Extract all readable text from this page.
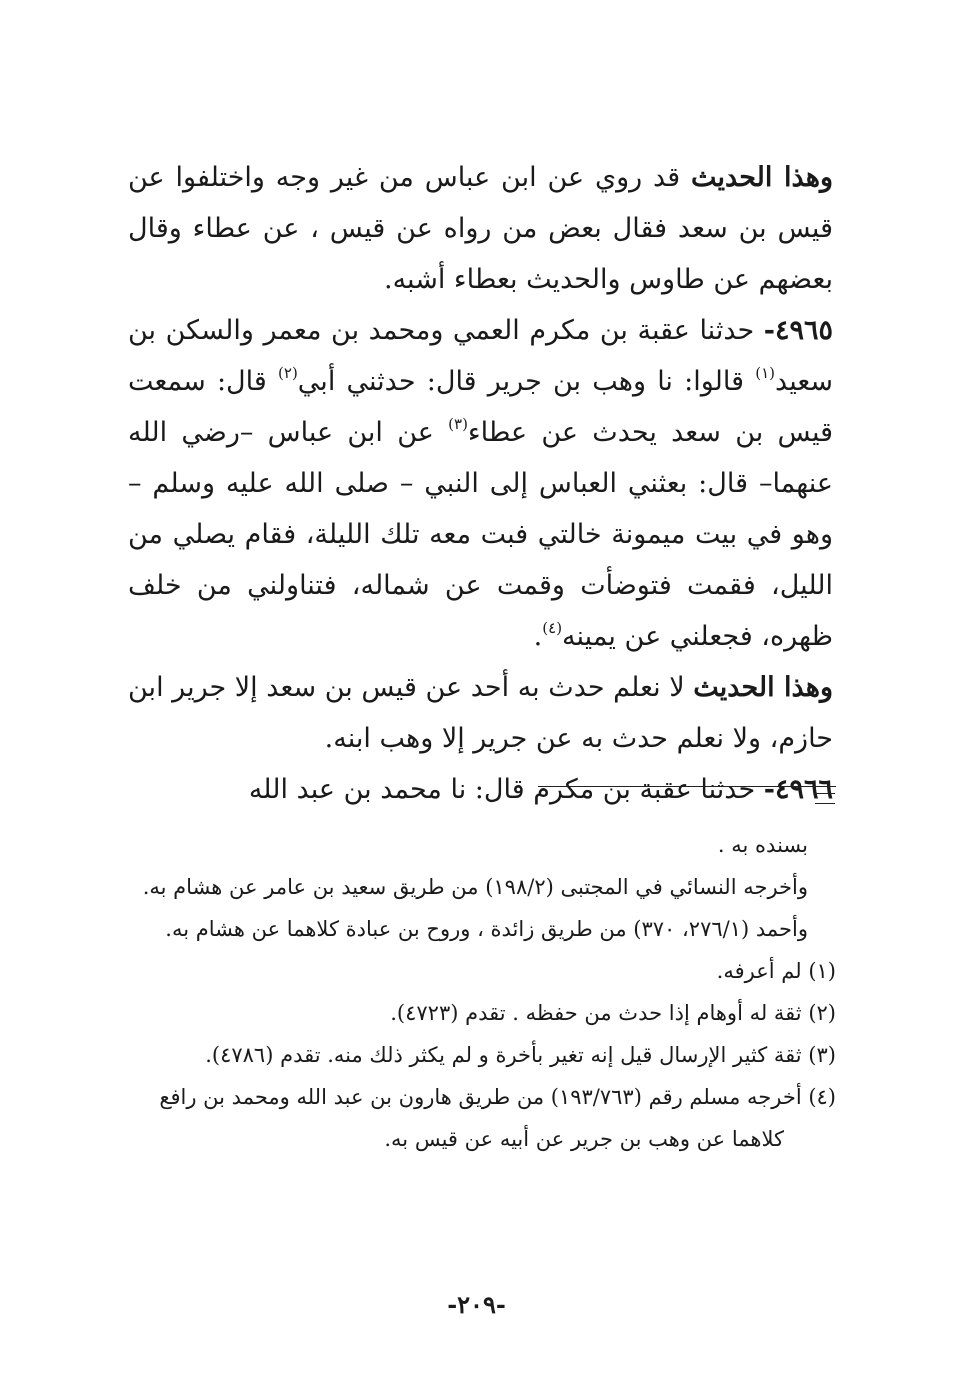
وهذا الحديث قد روي عن ابن عباس من غير وجه واختلفوا عن قيس بن سعد فقال بعض من رواه عن قيس ، عن عطاء وقال بعضهم عن طاوس والحديث بعطاء أشبه.

٤٩٦٥- حدثنا عقبة بن مكرم العمي ومحمد بن معمر والسكن بن سعيد$^{(١)}$ قالوا: نا وهب بن جرير قال: حدثني أبي$^{(٢)}$ قال: سمعت قيس بن سعد يحدث عن عطاء$^{(٣)}$ عن ابن عباس –رضي الله عنهما– قال: بعثني العباس إلى النبي – صلى الله عليه وسلم – وهو في بيت ميمونة خالتي فبت معه تلك الليلة، فقام يصلي من الليل، فقمت فتوضأت وقمت عن شماله، فتناولني من خلف ظهره، فجعلني عن يمينه$^{(٤)}$.

وهذا الحديث لا نعلم حدث به أحد عن قيس بن سعد إلا جرير ابن حازم، ولا نعلم حدث به عن جرير إلا وهب ابنه.

٤٩٦٦- حدثنا عقبة بن مكرم قال: نا محمد بن عبد الله

بسنده به .

وأخرجه النسائي في المجتبى (١٩٨/٢) من طريق سعيد بن عامر عن هشام به.

وأحمد (٢٧٦/١، ٣٧٠) من طريق زائدة ، وروح بن عبادة كلاهما عن هشام به.

(١) لم أعرفه.

(٢) ثقة له أوهام إذا حدث من حفظه . تقدم (٤٧٢٣).

(٣) ثقة كثير الإرسال قيل إنه تغير بأخرة و لم يكثر ذلك منه. تقدم (٤٧٨٦).

(٤) أخرجه مسلم رقم (١٩٣/٧٦٣) من طريق هارون بن عبد الله ومحمد بن رافع

كلاهما عن وهب بن جرير عن أبيه عن قيس به.

-٢٠٩-
